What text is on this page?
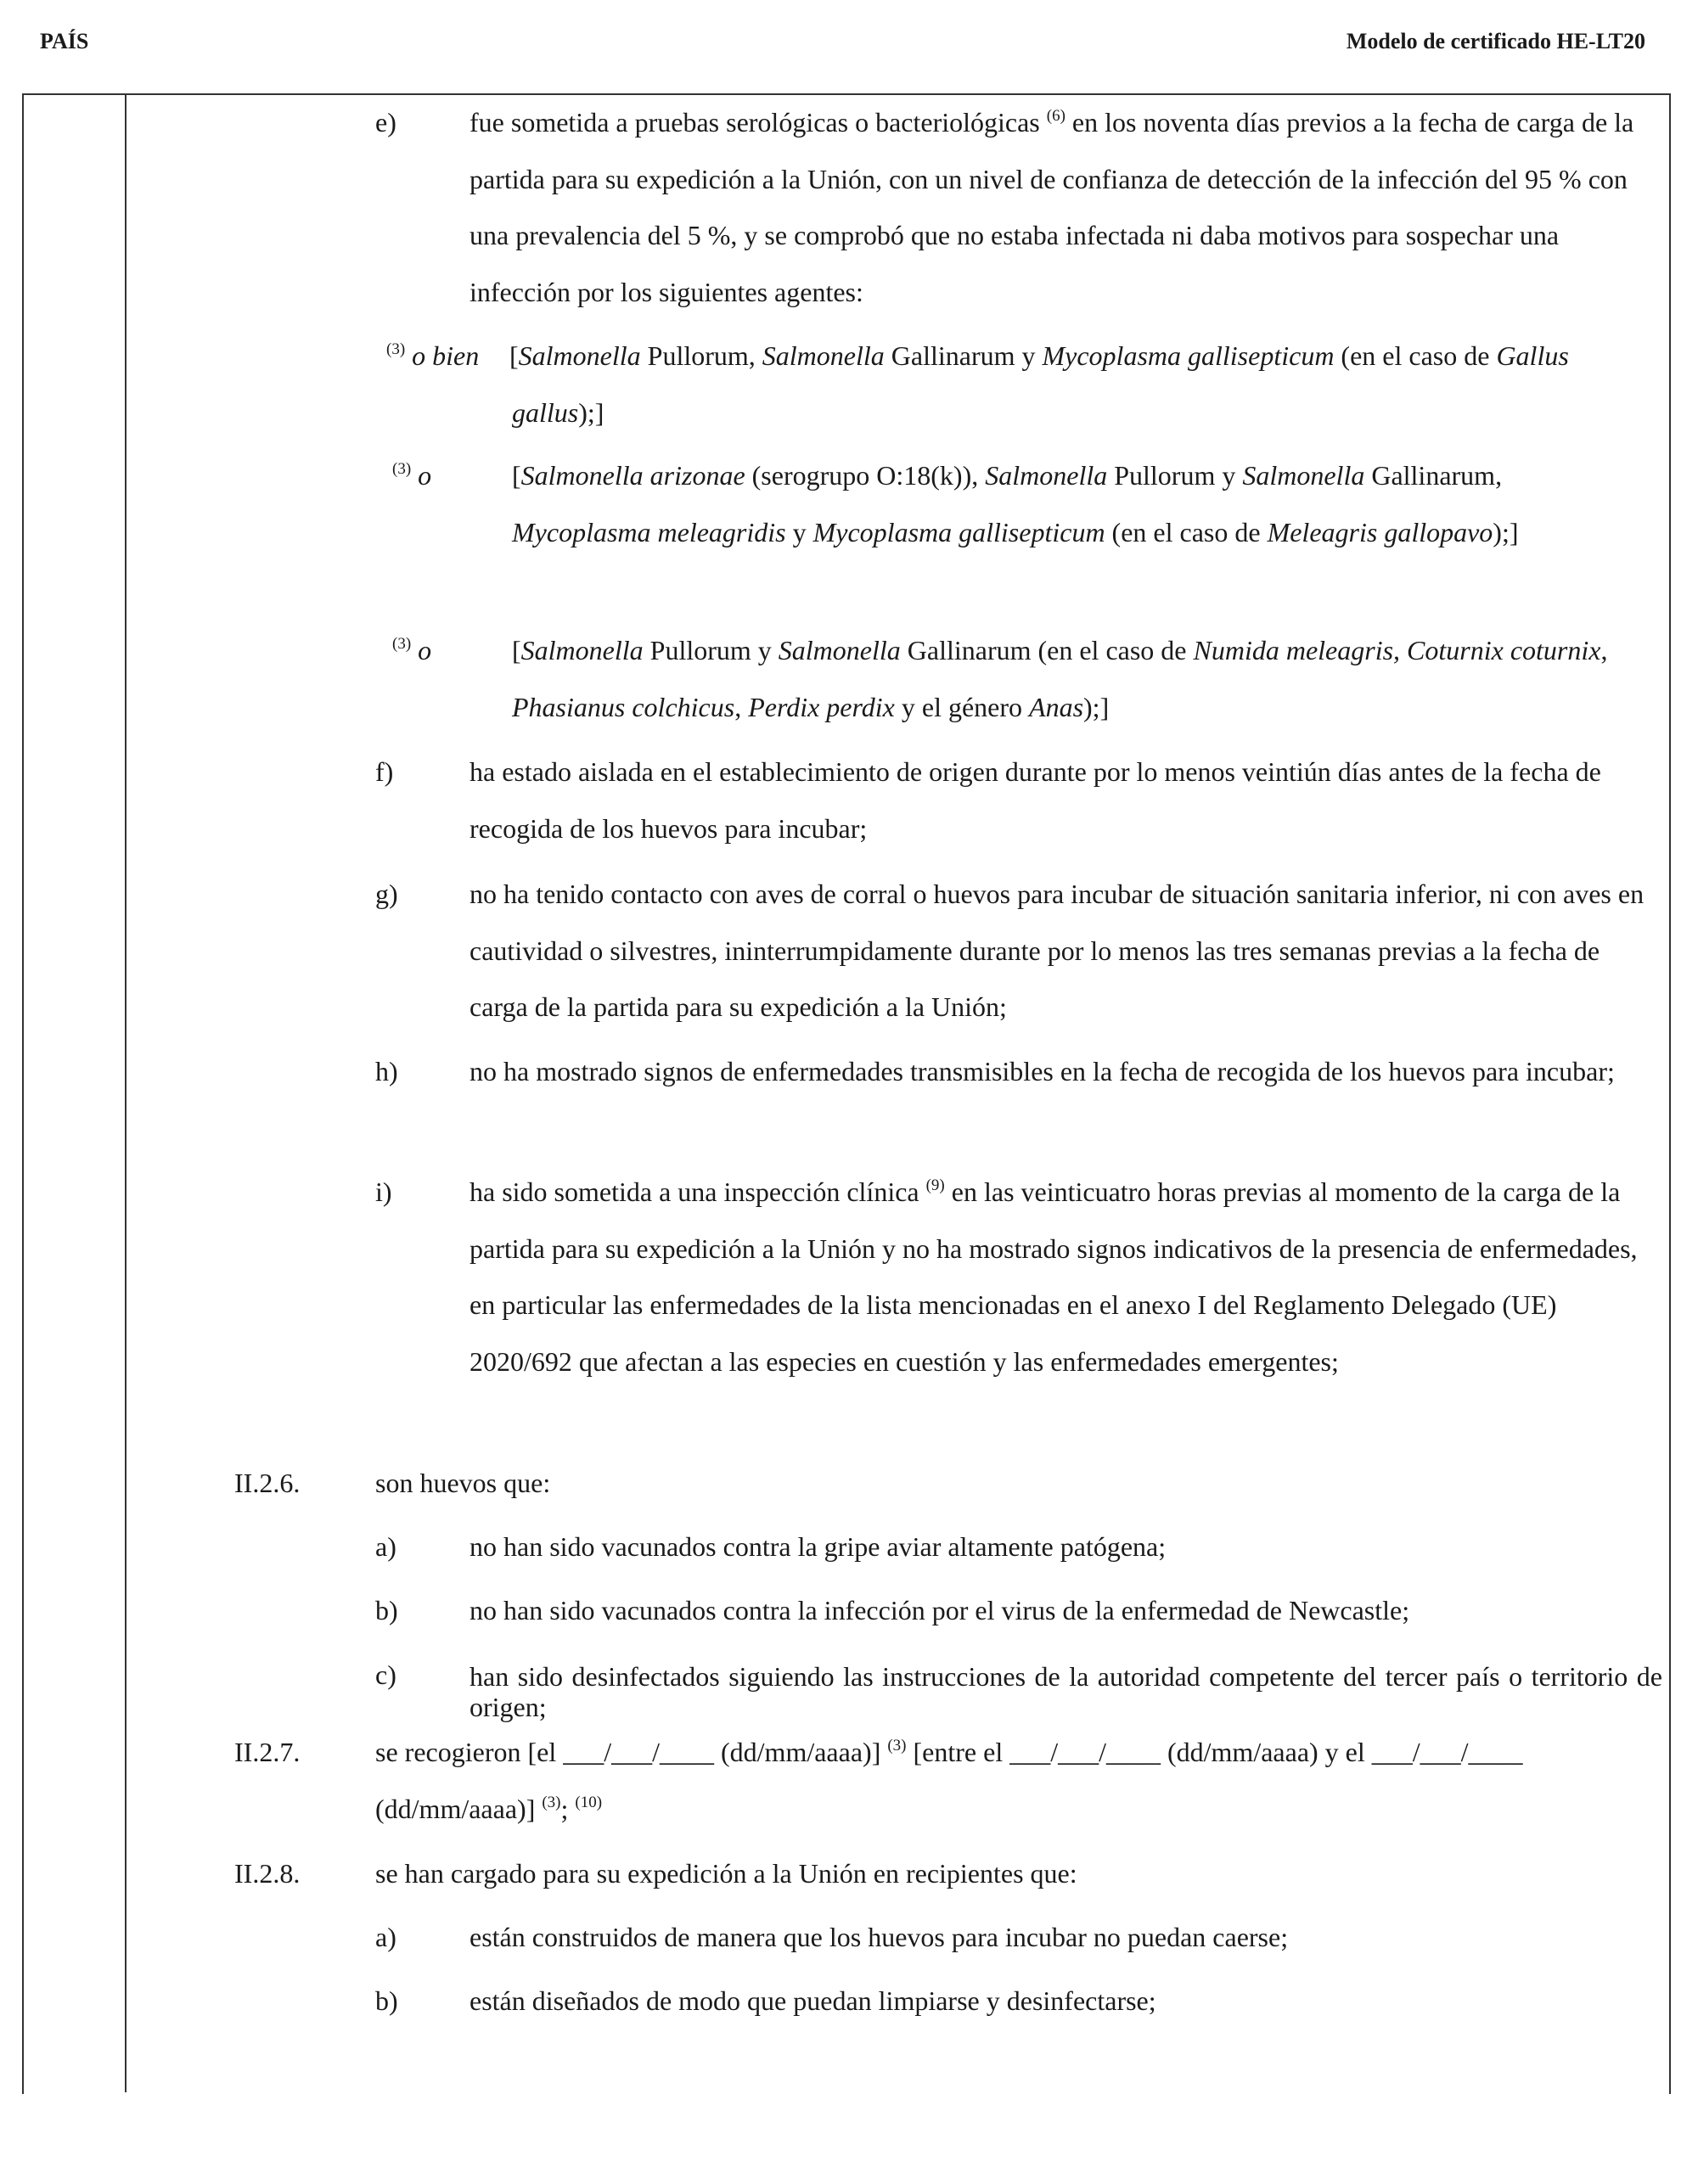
PAÍS	Modelo de certificado HE-LT20
e)	fue sometida a pruebas serológicas o bacteriológicas $^{(6)}$ en los noventa días previos a la fecha de carga de la partida para su expedición a la Unión, con un nivel de confianza de detección de la infección del 95 % con una prevalencia del 5 %, y se comprobó que no estaba infectada ni daba motivos para sospechar una infección por los siguientes agentes:

$^{(3)}$ o bien [Salmonella Pullorum, Salmonella Gallinarum y Mycoplasma gallisepticum (en el caso de Gallus gallus);]

$^{(3)}$ o	[Salmonella arizonae (serogrupo O:18(k)), Salmonella Pullorum y Salmonella Gallinarum, Mycoplasma meleagridis y Mycoplasma gallisepticum (en el caso de Meleagris gallopavo);]

$^{(3)}$ o	[Salmonella Pullorum y Salmonella Gallinarum (en el caso de Numida meleagris, Coturnix coturnix, Phasianus colchicus, Perdix perdix y el género Anas);]

f)	ha estado aislada en el establecimiento de origen durante por lo menos veintiún días antes de la fecha de recogida de los huevos para incubar;

g)	no ha tenido contacto con aves de corral o huevos para incubar de situación sanitaria inferior, ni con aves en cautividad o silvestres, ininterrumpidamente durante por lo menos las tres semanas previas a la fecha de carga de la partida para su expedición a la Unión;

h)	no ha mostrado signos de enfermedades transmisibles en la fecha de recogida de los huevos para incubar;

i)	ha sido sometida a una inspección clínica $^{(9)}$ en las veinticuatro horas previas al momento de la carga de la partida para su expedición a la Unión y no ha mostrado signos indicativos de la presencia de enfermedades, en particular las enfermedades de la lista mencionadas en el anexo I del Reglamento Delegado (UE) 2020/692 que afectan a las especies en cuestión y las enfermedades emergentes;

II.2.6.	son huevos que:

a)	no han sido vacunados contra la gripe aviar altamente patógena;

b)	no han sido vacunados contra la infección por el virus de la enfermedad de Newcastle;

c)	han sido desinfectados siguiendo las instrucciones de la autoridad competente del tercer país o territorio de origen;

II.2.7.	se recogieron [el ___/___/____ (dd/mm/aaaa)] $^{(3)}$ [entre el ___/___/____ (dd/mm/aaaa) y el ___/___/____ (dd/mm/aaaa)] $^{(3)}$; $^{(10)}$

II.2.8.	se han cargado para su expedición a la Unión en recipientes que:

a)	están construidos de manera que los huevos para incubar no puedan caerse;

b)	están diseñados de modo que puedan limpiarse y desinfectarse;
